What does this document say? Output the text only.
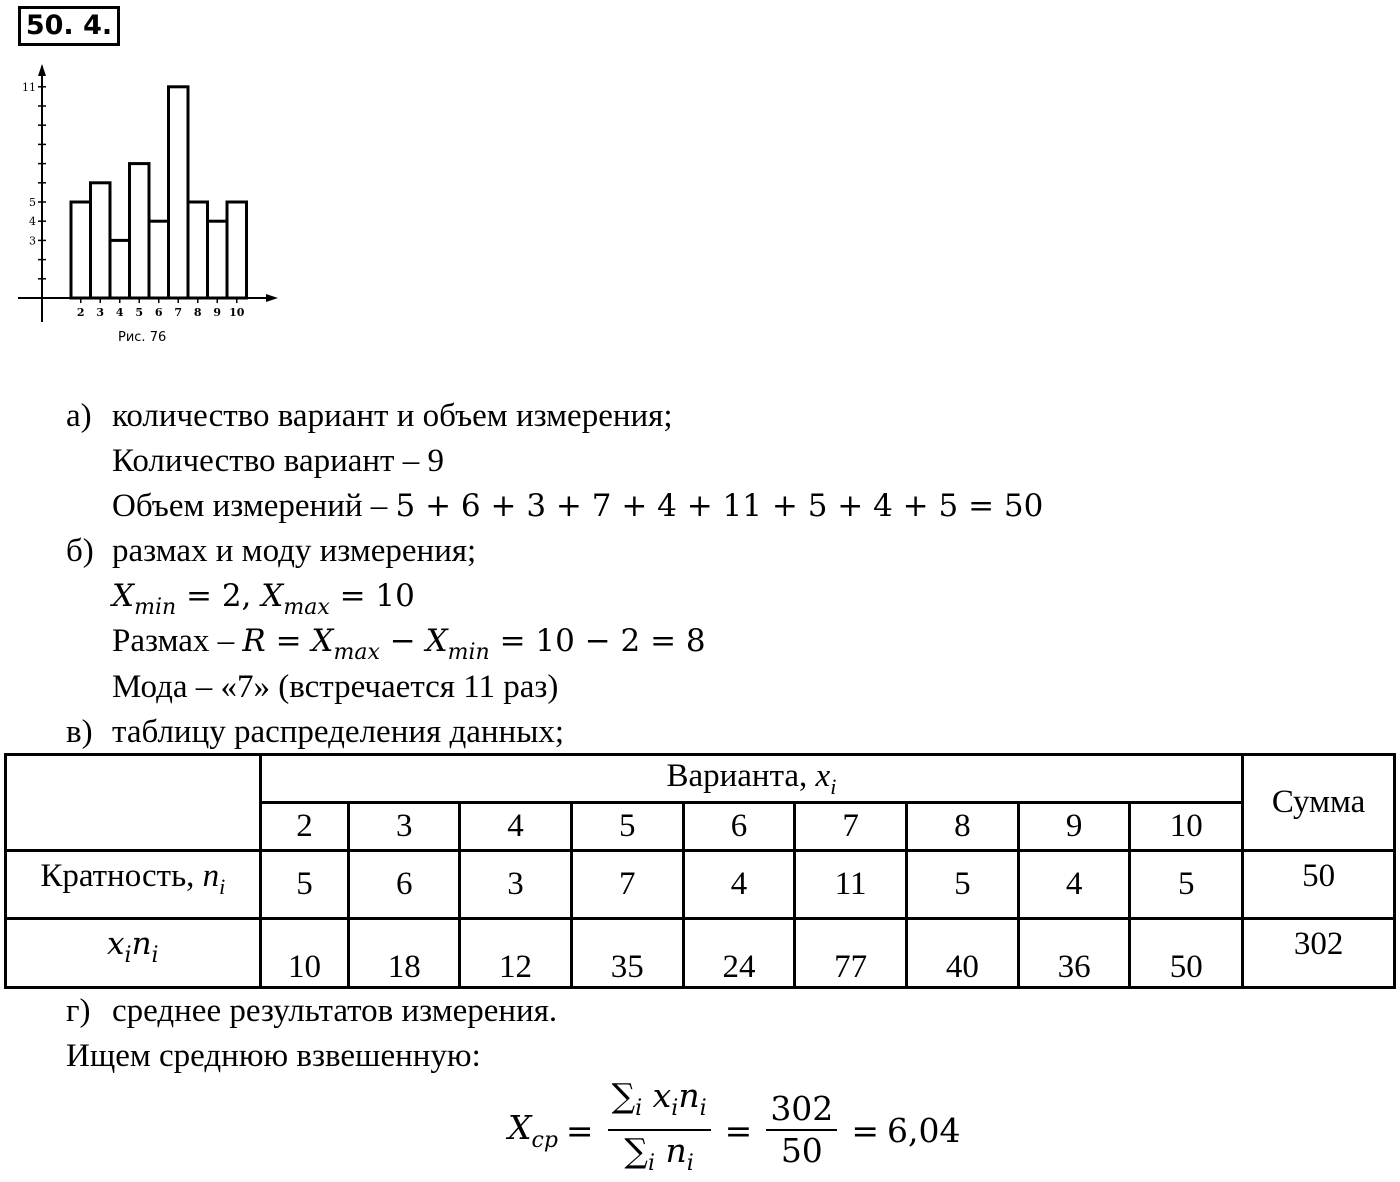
50. 4.
3
4
5
11
2 3 4 5 6 7 8 9 10
Рис. 76
а) количество вариант и объем измерения;
Количество вариант – 9
Объем измерений – 5 + 6 + 3 + 7 + 4 + 11 + 5 + 4 + 5 = 50
б) размах и моду измерения;
$X_{min} = 2$, $X_{max} = 10$
Размах – $R = X_{max} - X_{min} = 10 - 2 = 8$
Мода – «7» (встречается 11 раз)
в) таблицу распределения данных;
	Варианта, $x_i$									Сумма
	2	3	4	5	6	7	8	9	10	
Кратность, $n_i$	5	6	3	7	4	11	5	4	5	50
$x_in_i$	10	18	12	35	24	77	40	36	50	302
г) среднее результатов измерения.
Ищем среднюю взвешенную:
$X_{ср} = \frac{\sum_i x_in_i}{\sum_i n_i} = \frac{302}{50} = 6,04$
